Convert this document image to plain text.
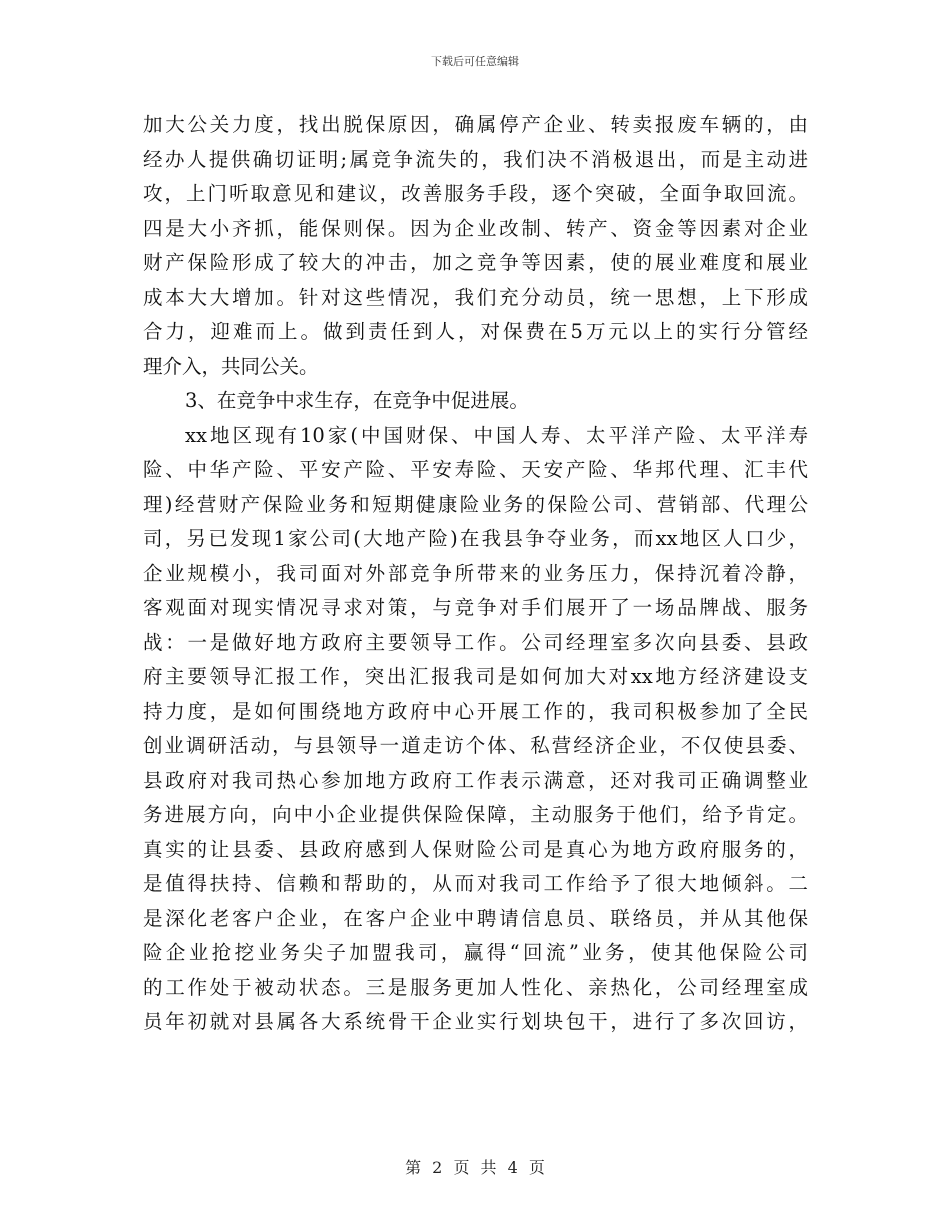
下载后可任意编辑
加大公关力度，找出脱保原因，确属停产企业、转卖报废车辆的，由
经办人提供确切证明;属竞争流失的，我们决不消极退出，而是主动进
攻，上门听取意见和建议，改善服务手段，逐个突破，全面争取回流。
四是大小齐抓，能保则保。因为企业改制、转产、资金等因素对企业
财产保险形成了较大的冲击，加之竞争等因素，使的展业难度和展业
成本大大增加。针对这些情况，我们充分动员，统一思想，上下形成
合力，迎难而上。做到责任到人，对保费在5万元以上的实行分管经
理介入，共同公关。
3、在竞争中求生存，在竞争中促进展。
xx地区现有10家(中国财保、中国人寿、太平洋产险、太平洋寿
险、中华产险、平安产险、平安寿险、天安产险、华邦代理、汇丰代
理)经营财产保险业务和短期健康险业务的保险公司、营销部、代理公
司，另已发现1家公司(大地产险)在我县争夺业务，而xx地区人口少，
企业规模小，我司面对外部竞争所带来的业务压力，保持沉着冷静，
客观面对现实情况寻求对策，与竞争对手们展开了一场品牌战、服务
战：一是做好地方政府主要领导工作。公司经理室多次向县委、县政
府主要领导汇报工作，突出汇报我司是如何加大对xx地方经济建设支
持力度，是如何围绕地方政府中心开展工作的，我司积极参加了全民
创业调研活动，与县领导一道走访个体、私营经济企业，不仅使县委、
县政府对我司热心参加地方政府工作表示满意，还对我司正确调整业
务进展方向，向中小企业提供保险保障，主动服务于他们，给予肯定。
真实的让县委、县政府感到人保财险公司是真心为地方政府服务的，
是值得扶持、信赖和帮助的，从而对我司工作给予了很大地倾斜。二
是深化老客户企业，在客户企业中聘请信息员、联络员，并从其他保
险企业抢挖业务尖子加盟我司，赢得“回流”业务，使其他保险公司
的工作处于被动状态。三是服务更加人性化、亲热化，公司经理室成
员年初就对县属各大系统骨干企业实行划块包干，进行了多次回访，
第 2 页 共 4 页
